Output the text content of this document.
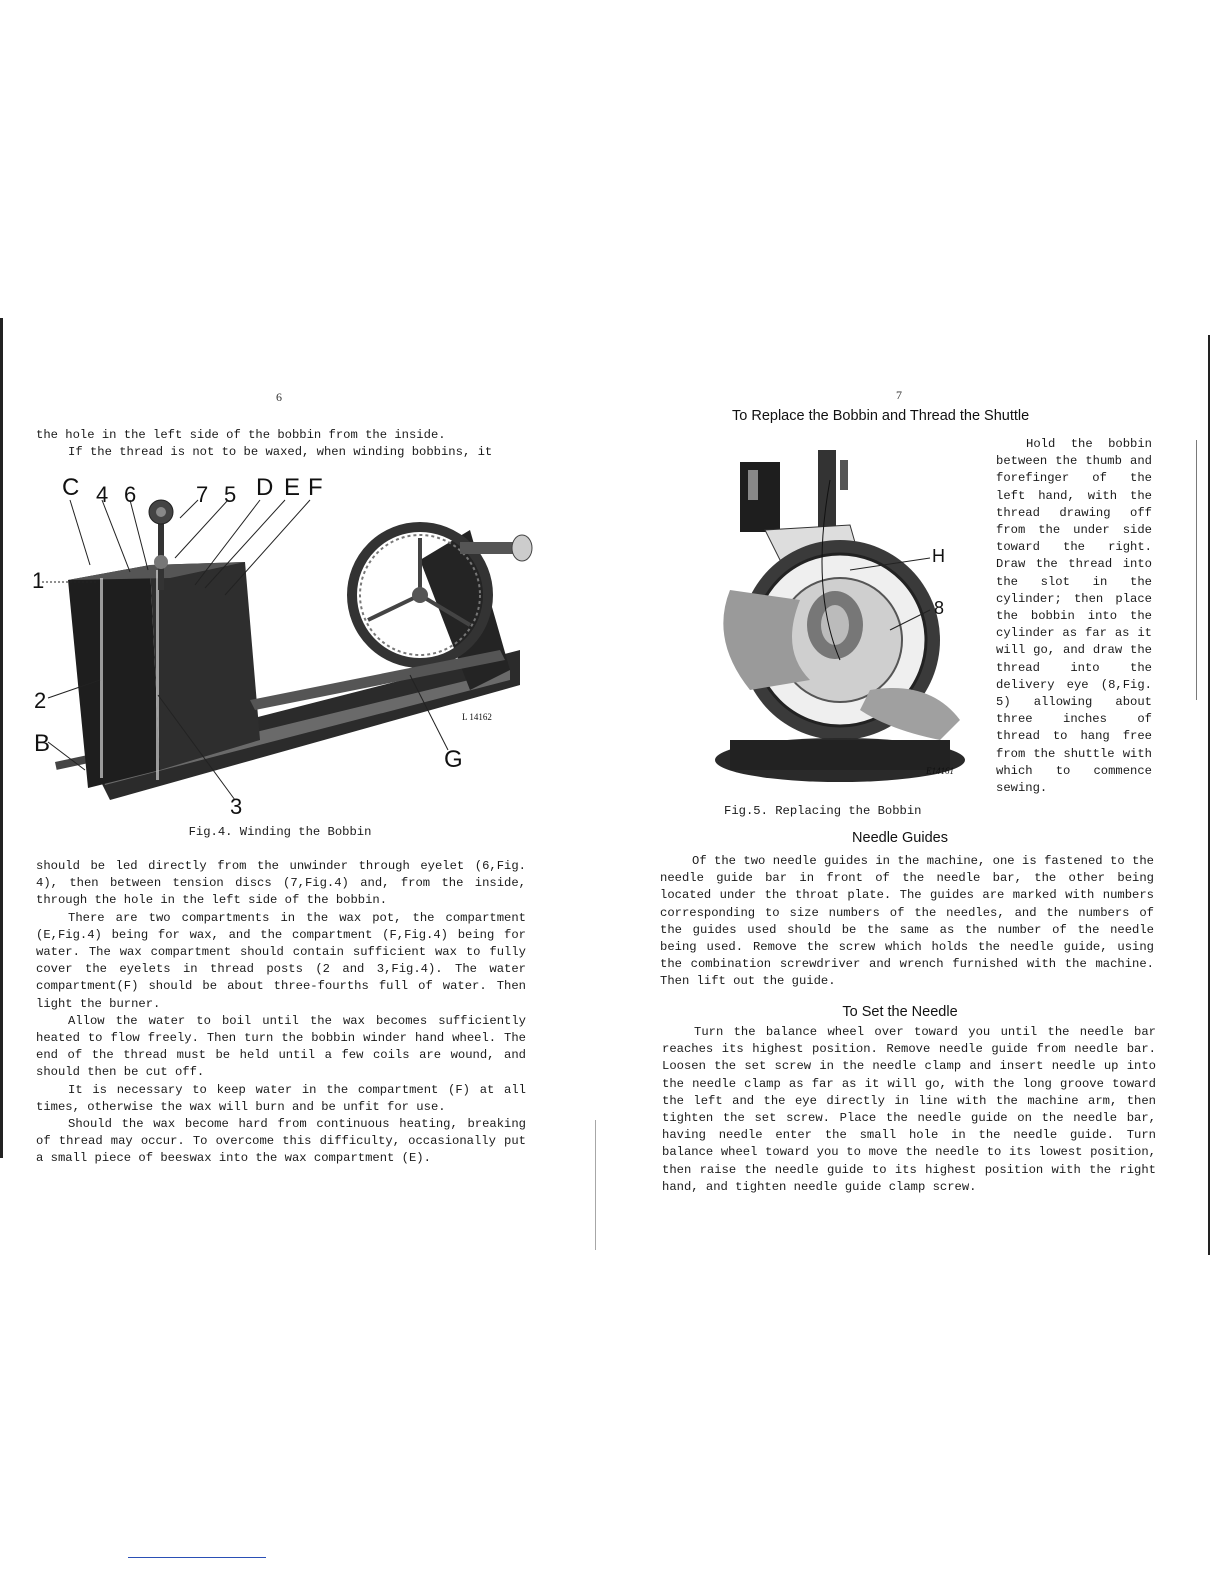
6

the hole in the left side of the bobbin from the inside.

If the thread is not to be waxed, when winding bobbins, it

C 4 6	7 5 D E F
1
2
B
3
G
L 14162
Fig.4. Winding the Bobbin

should be led directly from the unwinder through eyelet (6,Fig. 4), then between tension discs (7,Fig.4) and, from the inside, through the hole in the left side of the bobbin.

There are two compartments in the wax pot, the compartment (E,Fig.4) being for wax, and the compartment (F,Fig.4) being for water. The wax compartment should contain sufficient wax to fully cover the eyelets in thread posts (2 and 3,Fig.4). The water compartment(F) should be about three-fourths full of water. Then light the burner.

Allow the water to boil until the wax becomes sufficiently heated to flow freely. Then turn the bobbin winder hand wheel. The end of the thread must be held until a few coils are wound, and should then be cut off.

It is necessary to keep water in the compartment (F) at all times, otherwise the wax will burn and be unfit for use.

Should the wax become hard from continuous heating, breaking of thread may occur. To overcome this difficulty, occasionally put a small piece of beeswax into the wax compartment (E).

7
To Replace the Bobbin and Thread the Shuttle
H
8
E14161
Fig.5. Replacing the Bobbin

Hold the bobbin between the thumb and forefinger of the left hand, with the thread drawing off from the under side toward the right. Draw the thread into the slot in the cylinder; then place the bobbin into the cylinder as far as it will go, and draw the thread into the delivery eye (8,Fig. 5) allowing about three inches of thread to hang free from the shuttle with which to commence sewing.

Needle Guides

Of the two needle guides in the machine, one is fastened to the needle guide bar in front of the needle bar, the other being located under the throat plate. The guides are marked with numbers corresponding to size numbers of the needles, and the numbers of the guides used should be the same as the number of the needle being used. Remove the screw which holds the needle guide, using the combination screwdriver and wrench furnished with the machine. Then lift out the guide.

To Set the Needle

Turn the balance wheel over toward you until the needle bar reaches its highest position. Remove needle guide from needle bar. Loosen the set screw in the needle clamp and insert needle up into the needle clamp as far as it will go, with the long groove toward the left and the eye directly in line with the machine arm, then tighten the set screw. Place the needle guide on the needle bar, having needle enter the small hole in the needle guide. Turn balance wheel toward you to move the needle to its lowest position, then raise the needle guide to its highest position with the right hand, and tighten needle guide clamp screw.
